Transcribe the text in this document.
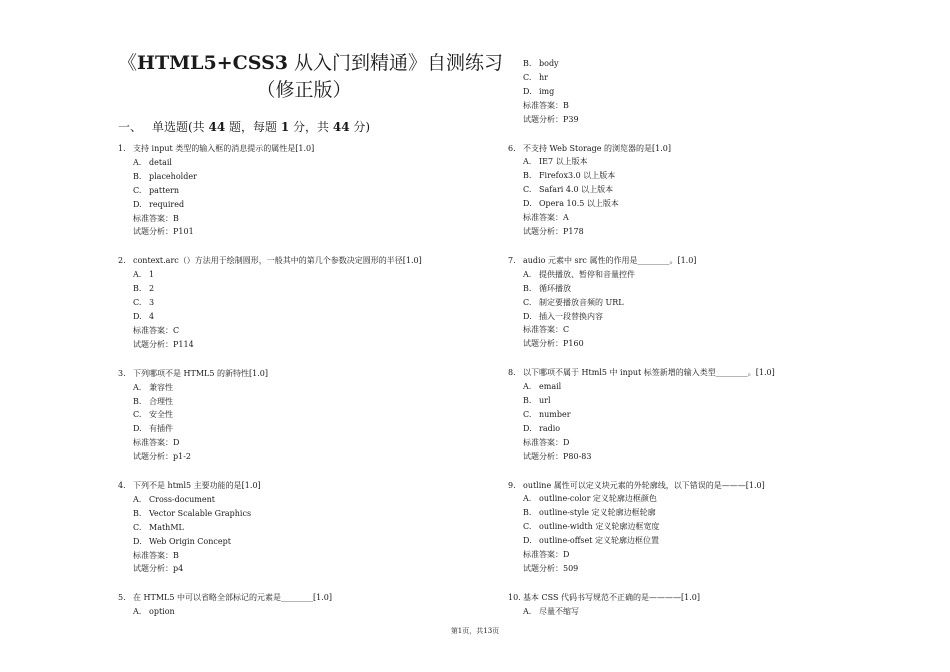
《HTML5+CSS3 从入门到精通》自测练习
（修正版）
一、 单选题(共 44 题，每题 1 分，共 44 分)
1. 支持 input 类型的输入框的消息提示的属性是[1.0]
A. detail
B. placeholder
C. pattern
D. required
标准答案：B
试题分析：P101
2. context.arc（）方法用于绘制圆形，一般其中的第几个参数决定圆形的半径[1.0]
A. 1
B. 2
C. 3
D. 4
标准答案：C
试题分析：P114
3. 下列哪项不是 HTML5 的新特性[1.0]
A. 兼容性
B. 合理性
C. 安全性
D. 有插件
标准答案：D
试题分析：p1-2
4. 下列不是 html5 主要功能的是[1.0]
A. Cross-document
B. Vector Scalable Graphics
C. MathML
D. Web Origin Concept
标准答案：B
试题分析：p4
5. 在 HTML5 中可以省略全部标记的元素是________[1.0]
A. option
B. body
C. hr
D. img
标准答案：B
试题分析：P39
6. 不支持 Web Storage 的浏览器的是[1.0]
A. IE7 以上版本
B. Firefox3.0 以上版本
C. Safari 4.0 以上版本
D. Opera 10.5 以上版本
标准答案：A
试题分析：P178
7. audio 元素中 src 属性的作用是________。[1.0]
A. 提供播放、暂停和音量控件
B. 循环播放
C. 制定要播放音频的 URL
D. 插入一段替换内容
标准答案：C
试题分析：P160
8. 以下哪项不属于 Html5 中 input 标签新增的输入类型________。[1.0]
A. email
B. url
C. number
D. radio
标准答案：D
试题分析：P80-83
9. outline 属性可以定义块元素的外轮廓线，以下错误的是———[1.0]
A. outline-color 定义轮廓边框颜色
B. outline-style 定义轮廓边框轮廓
C. outline-width 定义轮廓边框宽度
D. outline-offset 定义轮廓边框位置
标准答案：D
试题分析：509
10. 基本 CSS 代码书写规范不正确的是————[1.0]
A. 尽量不缩写
第1页，共13页
